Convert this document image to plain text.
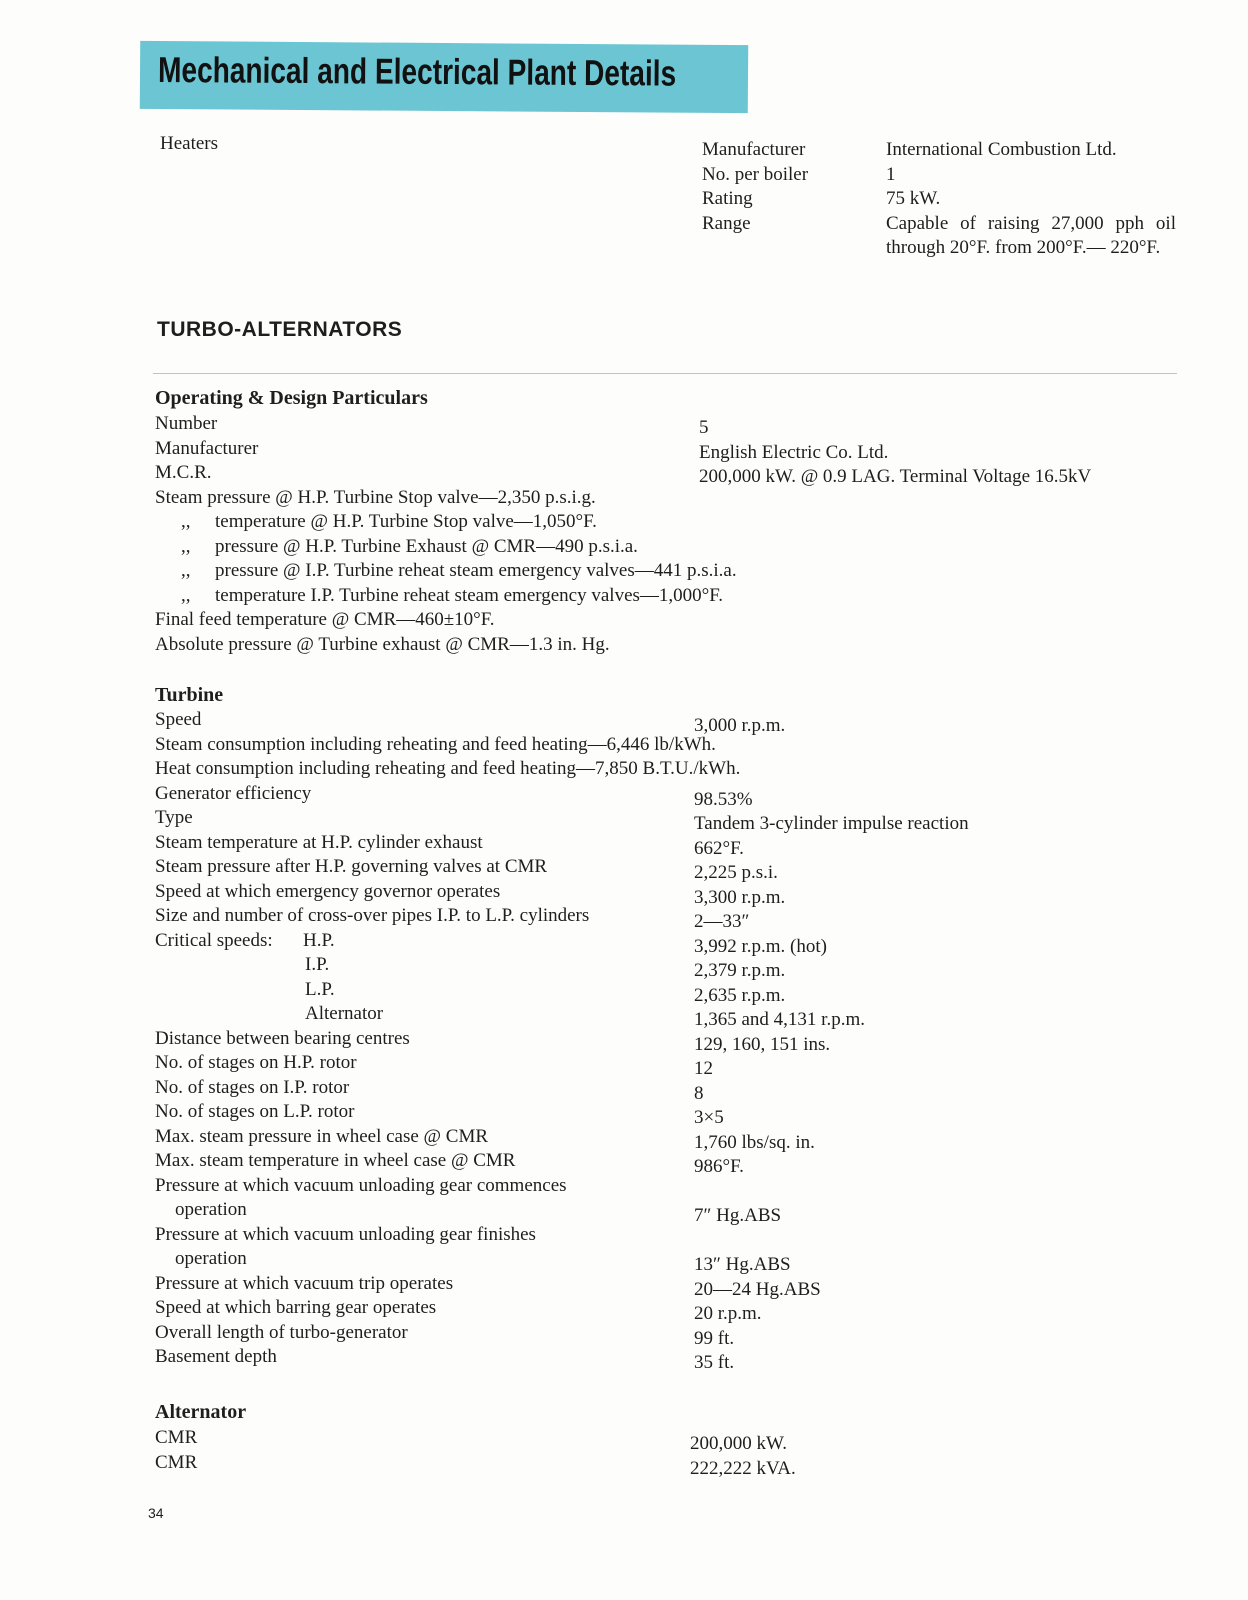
Mechanical and Electrical Plant Details
Heaters	Manufacturer
No. per boiler
Rating
Range
International Combustion Ltd.
1
75 kW.
Capable of raising 27,000 pph oil through 20°F. from 200°F.— 220°F.
TURBO-ALTERNATORS
Operating & Design Particulars
Number
Manufacturer
M.C.R.
Steam pressure @ H.P. Turbine Stop valve—2,350 p.s.i.g.
,, temperature @ H.P. Turbine Stop valve—1,050°F.
,, pressure @ H.P. Turbine Exhaust @ CMR—490 p.s.i.a.
,, pressure @ I.P. Turbine reheat steam emergency valves—441 p.s.i.a.
,, temperature I.P. Turbine reheat steam emergency valves—1,000°F.
Final feed temperature @ CMR—460±10°F.
Absolute pressure @ Turbine exhaust @ CMR—1.3 in. Hg.
5
English Electric Co. Ltd.
200,000 kW. @ 0.9 LAG. Terminal Voltage 16.5kV
Turbine
Speed
Steam consumption including reheating and feed heating—6,446 lb/kWh.
Heat consumption including reheating and feed heating—7,850 B.T.U./kWh.
Generator efficiency
Type
Steam temperature at H.P. cylinder exhaust
Steam pressure after H.P. governing valves at CMR
Speed at which emergency governor operates
Size and number of cross-over pipes I.P. to L.P. cylinders
Critical speeds: H.P.
I.P.
L.P.
Alternator
Distance between bearing centres
No. of stages on H.P. rotor
No. of stages on I.P. rotor
No. of stages on L.P. rotor
Max. steam pressure in wheel case @ CMR
Max. steam temperature in wheel case @ CMR
Pressure at which vacuum unloading gear commences
operation
Pressure at which vacuum unloading gear finishes
operation
Pressure at which vacuum trip operates
Speed at which barring gear operates
Overall length of turbo-generator
Basement depth
3,000 r.p.m.
98.53%
Tandem 3-cylinder impulse reaction
662°F.
2,225 p.s.i.
3,300 r.p.m.
2—33″
3,992 r.p.m. (hot)
2,379 r.p.m.
2,635 r.p.m.
1,365 and 4,131 r.p.m.
129, 160, 151 ins.
12
8
3×5
1,760 lbs/sq. in.
986°F.
7″ Hg.ABS
13″ Hg.ABS
20—24 Hg.ABS
20 r.p.m.
99 ft.
35 ft.
Alternator
CMR
CMR
200,000 kW.
222,222 kVA.
34
